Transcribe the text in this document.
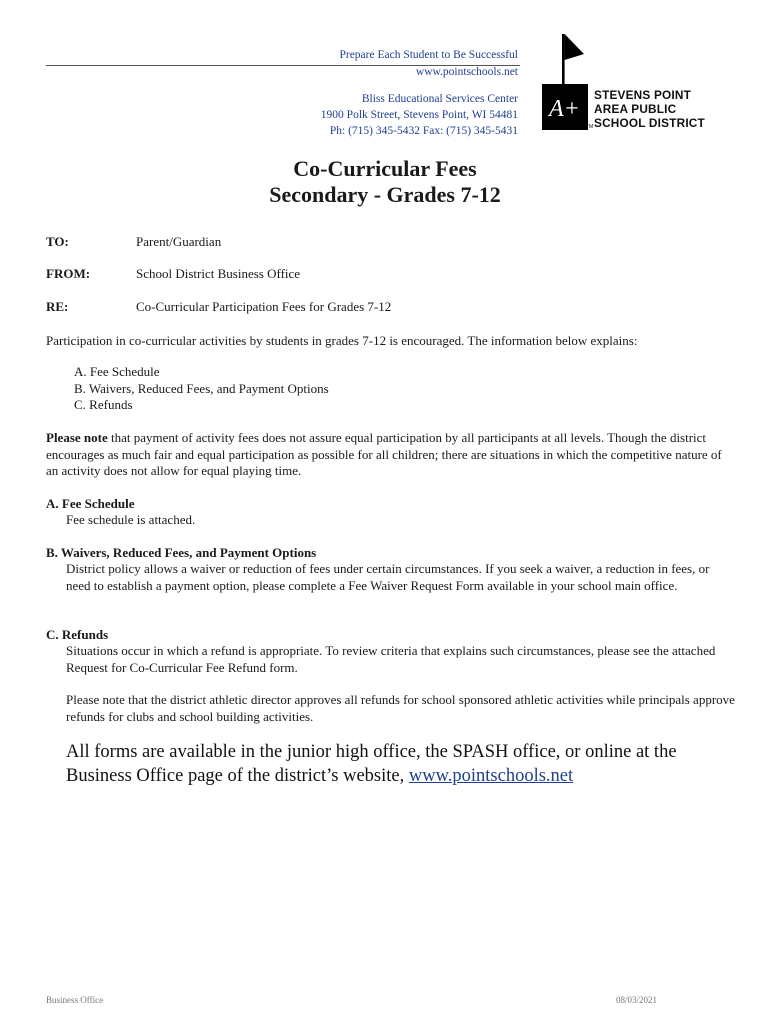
Prepare Each Student to Be Successful
www.pointschools.net
Bliss Educational Services Center
1900 Polk Street, Stevens Point, WI 54481
Ph: (715) 345-5432 Fax: (715) 345-5431
A+
STEVENS POINT
AREA PUBLIC
SCHOOL DISTRICT
TM
Co-Curricular Fees
Secondary - Grades 7-12
TO:	Parent/Guardian
FROM:	School District Business Office
RE:	Co-Curricular Participation Fees for Grades 7-12
Participation in co-curricular activities by students in grades 7-12 is encouraged. The information below explains:
A. Fee Schedule
B. Waivers, Reduced Fees, and Payment Options
C. Refunds
Please note that payment of activity fees does not assure equal participation by all participants at all levels. Though the district encourages as much fair and equal participation as possible for all children; there are situations in which the competitive nature of an activity does not allow for equal playing time.
A. Fee Schedule
Fee schedule is attached.
B. Waivers, Reduced Fees, and Payment Options
District policy allows a waiver or reduction of fees under certain circumstances. If you seek a waiver, a reduction in fees, or need to establish a payment option, please complete a Fee Waiver Request Form available in your school main office.
C. Refunds
Situations occur in which a refund is appropriate. To review criteria that explains such circumstances, please see the attached Request for Co-Curricular Fee Refund form.
Please note that the district athletic director approves all refunds for school sponsored athletic activities while principals approve refunds for clubs and school building activities.
All forms are available in the junior high office, the SPASH office, or online at the Business Office page of the district’s website, www.pointschools.net
Business Office	08/03/2021
